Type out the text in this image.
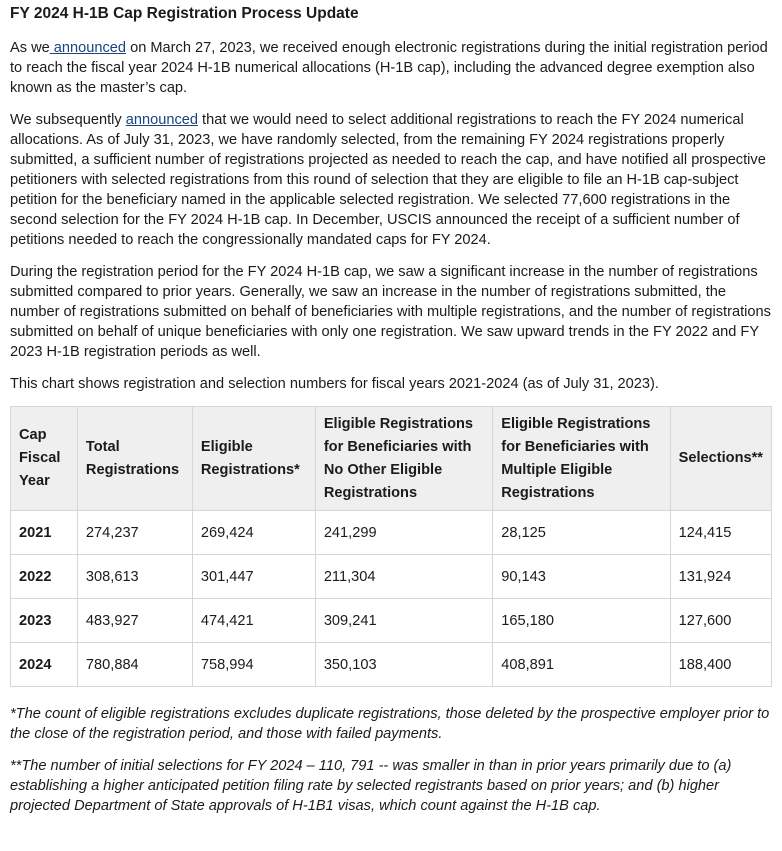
FY 2024 H-1B Cap Registration Process Update

As we announced on March 27, 2023, we received enough electronic registrations during the initial registration period to reach the fiscal year 2024 H-1B numerical allocations (H-1B cap), including the advanced degree exemption also known as the master’s cap.

We subsequently announced that we would need to select additional registrations to reach the FY 2024 numerical allocations. As of July 31, 2023, we have randomly selected, from the remaining FY 2024 registrations properly submitted, a sufficient number of registrations projected as needed to reach the cap, and have notified all prospective petitioners with selected registrations from this round of selection that they are eligible to file an H-1B cap-subject petition for the beneficiary named in the applicable selected registration. We selected 77,600 registrations in the second selection for the FY 2024 H-1B cap. In December, USCIS announced the receipt of a sufficient number of petitions needed to reach the congressionally mandated caps for FY 2024.

During the registration period for the FY 2024 H-1B cap, we saw a significant increase in the number of registrations submitted compared to prior years. Generally, we saw an increase in the number of registrations submitted, the number of registrations submitted on behalf of beneficiaries with multiple registrations, and the number of registrations submitted on behalf of unique beneficiaries with only one registration. We saw upward trends in the FY 2022 and FY 2023 H-1B registration periods as well.

This chart shows registration and selection numbers for fiscal years 2021-2024 (as of July 31, 2023).

Cap Fiscal Year	Total Registrations	Eligible Registrations*	Eligible Registrations for Beneficiaries with No Other Eligible Registrations	Eligible Registrations for Beneficiaries with Multiple Eligible Registrations	Selections**
2021	274,237	269,424	241,299	28,125	124,415
2022	308,613	301,447	211,304	90,143	131,924
2023	483,927	474,421	309,241	165,180	127,600
2024	780,884	758,994	350,103	408,891	188,400

*The count of eligible registrations excludes duplicate registrations, those deleted by the prospective employer prior to the close of the registration period, and those with failed payments.

**The number of initial selections for FY 2024 – 110, 791 -- was smaller in than in prior years primarily due to (a) establishing a higher anticipated petition filing rate by selected registrants based on prior years; and (b) higher projected Department of State approvals of H-1B1 visas, which count against the H-1B cap.
